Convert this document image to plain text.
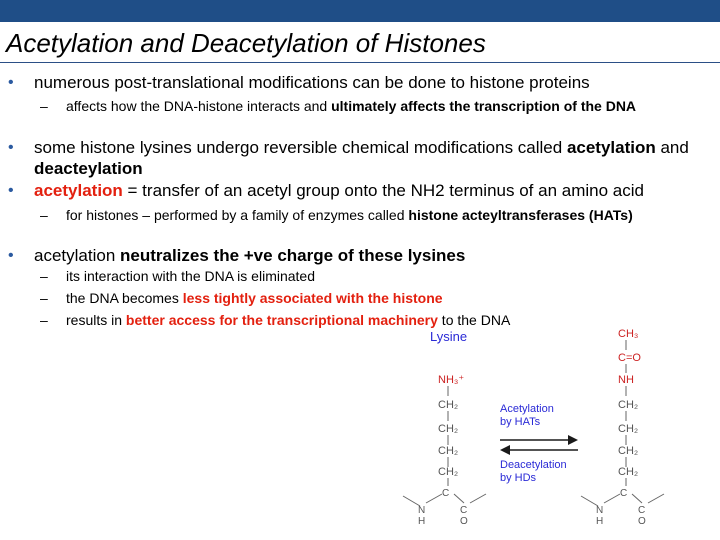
Acetylation and Deacetylation of Histones
•	numerous post-translational modifications can be done to histone proteins
– affects how the DNA-histone interacts and ultimately affects the transcription of the DNA
•	some histone lysines undergo reversible chemical modifications called acetylation and deacteylation
•	acetylation = transfer of an acetyl group onto the NH2 terminus of an amino acid
– for histones – performed by a family of enzymes called histone acteyltransferases (HATs)
•	acetylation neutralizes the +ve charge of these lysines
– its interaction with the DNA is eliminated
– the DNA becomes less tightly associated with the histone
– results in better access for the transcriptional machinery to the DNA
Lysine
NH₃⁺
CH₂
CH₂
CH₂
CH₂
C
N
H
C
O
Acetylation
by HATs
Deacetylation
by HDs
CH₃
C=O
NH
CH₂
CH₂
CH₂
CH₂
C
N
H
C
O
